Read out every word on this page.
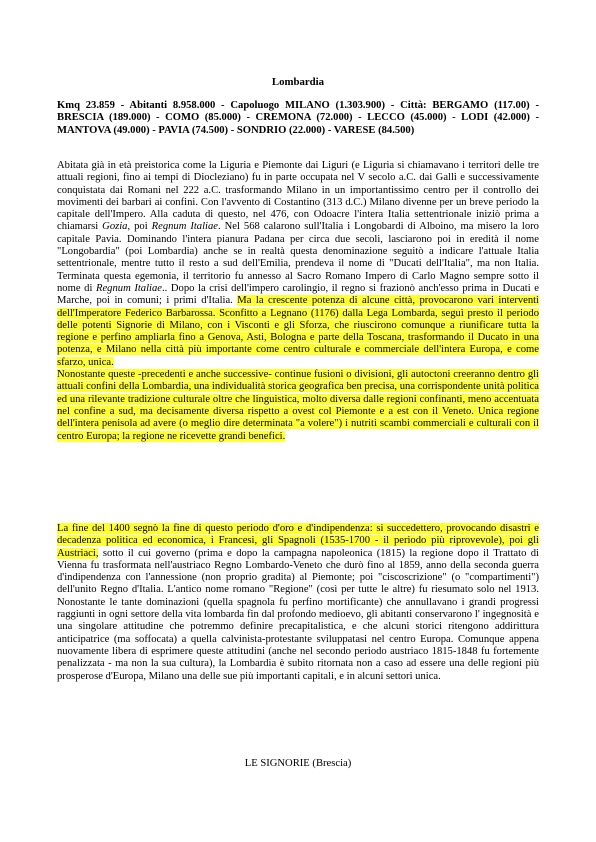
Lombardia

Kmq 23.859 - Abitanti 8.958.000 - Capoluogo MILANO (1.303.900) - Città: BERGAMO (117.00) - BRESCIA (189.000) - COMO (85.000) - CREMONA (72.000) - LECCO (45.000) - LODI (42.000) - MANTOVA (49.000) - PAVIA (74.500) - SONDRIO (22.000) - VARESE (84.500)

Abitata già in età preistorica come la Liguria e Piemonte dai Liguri (e Liguria si chiamavano i territori delle tre attuali regioni, fino ai tempi di Diocleziano) fu in parte occupata nel V secolo a.C. dai Galli e successivamente conquistata dai Romani nel 222 a.C. trasformando Milano in un importantissimo centro per il controllo dei movimenti dei barbari ai confini. Con l'avvento di Costantino (313 d.C.) Milano divenne per un breve periodo la capitale dell'Impero. Alla caduta di questo, nel 476, con Odoacre l'intera Italia settentrionale iniziò prima a chiamarsi Gozia, poi Regnum Italiae. Nel 568 calarono sull'Italia i Longobardi di Alboino, ma misero la loro capitale Pavia. Dominando l'intera pianura Padana per circa due secoli, lasciarono poi in eredità il nome "Longobardia" (poi Lombardia) anche se in realtà questa denominazione seguitò a indicare l'attuale Italia settentrionale, mentre tutto il resto a sud dell'Emilia, prendeva il nome di "Ducati dell'Italia", ma non Italia. Terminata questa egemonia, il territorio fu annesso al Sacro Romano Impero di Carlo Magno sempre sotto il nome di Regnum Italiae.. Dopo la crisi dell'impero carolingio, il regno si frazionò anch'esso prima in Ducati e Marche, poi in comuni; i primi d'Italia. Ma la crescente potenza di alcune città, provocarono vari interventi dell'Imperatore Federico Barbarossa. Sconfitto a Legnano (1176) dalla Lega Lombarda, seguì presto il periodo delle potenti Signorie di Milano, con i Visconti e gli Sforza, che riuscirono comunque a riunificare tutta la regione e perfino ampliarla fino a Genova, Asti, Bologna e parte della Toscana, trasformando il Ducato in una potenza, e Milano nella città più importante come centro culturale e commerciale dell'intera Europa, e come sfarzo, unica.

Nonostante queste -precedenti e anche successive- continue fusioni o divisioni, gli autoctoni creeranno dentro gli attuali confini della Lombardia, una individualità storica geografica ben precisa, una corrispondente unità politica ed una rilevante tradizione culturale oltre che linguistica, molto diversa dalle regioni confinanti, meno accentuata nel confine a sud, ma decisamente diversa rispetto a ovest col Piemonte e a est con il Veneto. Unica regione dell'intera penisola ad avere (o meglio dire determinata "a volere") i nutriti scambi commerciali e culturali con il centro Europa; la regione ne ricevette grandi benefici.

La fine del 1400 segnò la fine di questo periodo d'oro e d'indipendenza: si succedettero, provocando disastri e decadenza politica ed economica, i Francesi, gli Spagnoli (1535-1700 - il periodo più riprovevole), poi gli Austriaci, sotto il cui governo (prima e dopo la campagna napoleonica (1815) la regione dopo il Trattato di Vienna fu trasformata nell'austriaco Regno Lombardo-Veneto che durò fino al 1859, anno della seconda guerra d'indipendenza con l'annessione (non proprio gradita) al Piemonte; poi "ciscoscrizione" (o "compartimenti") dell'unito Regno d'Italia. L'antico nome romano "Regione" (così per tutte le altre) fu riesumato solo nel 1913. Nonostante le tante dominazioni (quella spagnola fu perfino mortificante) che annullavano i grandi progressi raggiunti in ogni settore della vita lombarda fin dal profondo medioevo, gli abitanti conservarono l' ingegnosità e una singolare attitudine che potremmo definire precapitalistica, e che alcuni storici ritengono addirittura anticipatrice (ma soffocata) a quella calvinista-protestante sviluppatasi nel centro Europa. Comunque appena nuovamente libera di esprimere queste attitudini (anche nel secondo periodo austriaco 1815-1848 fu fortemente penalizzata - ma non la sua cultura), la Lombardia è subito ritornata non a caso ad essere una delle regioni più prosperose d'Europa, Milano una delle sue più importanti capitali, e in alcuni settori unica.

LE SIGNORIE (Brescia)
